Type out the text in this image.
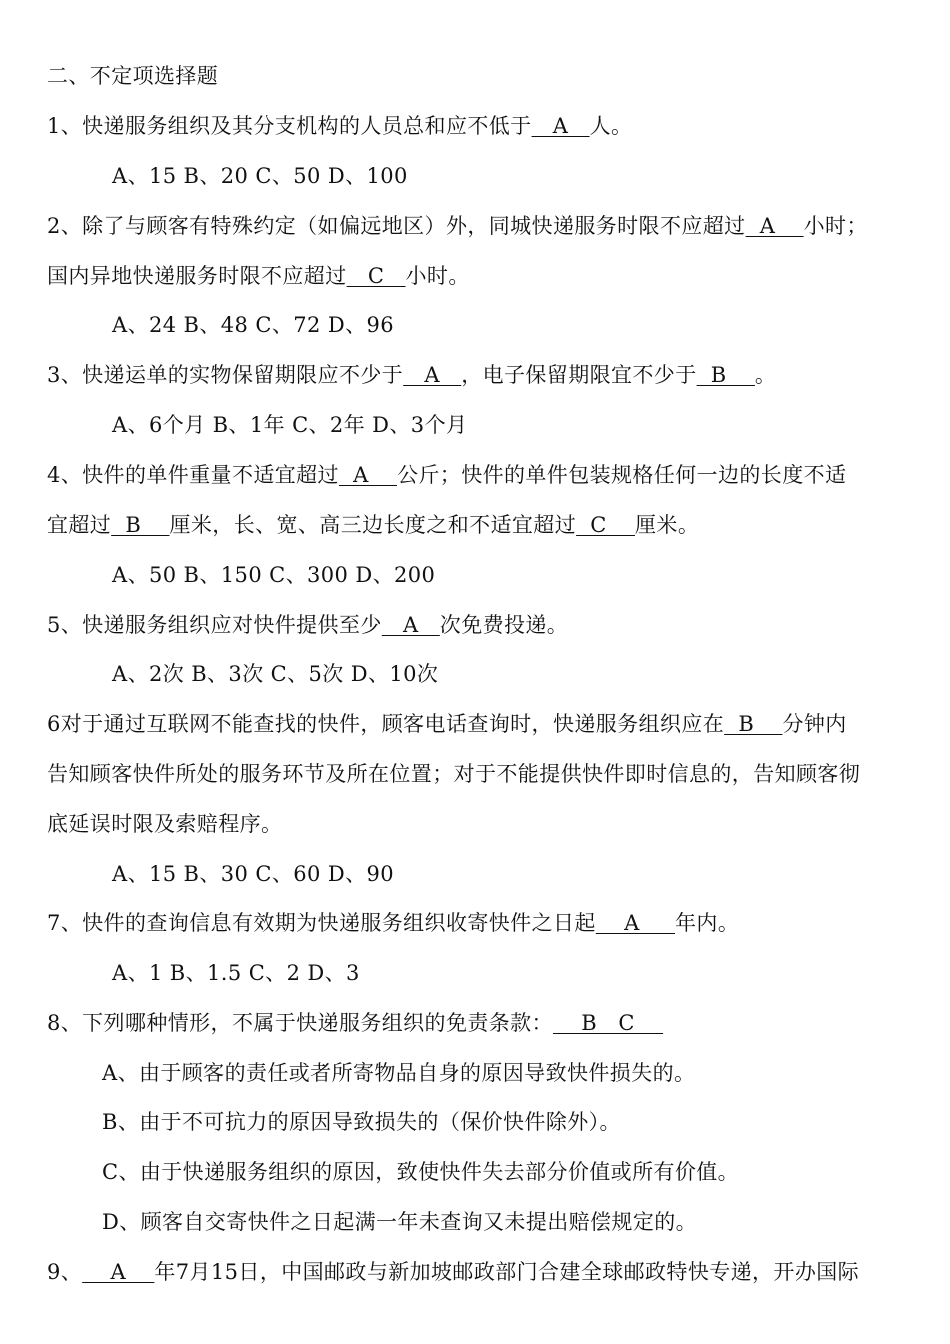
二、不定项选择题
1、快递服务组织及其分支机构的人员总和应不低于   A   人。
A、15 B、20 C、50 D、100
2、除了与顾客有特殊约定（如偏远地区）外，同城快递服务时限不应超过  A    小时；
国内异地快递服务时限不应超过   C   小时。
A、24 B、48 C、72 D、96
3、快递运单的实物保留期限应不少于   A   ，电子保留期限宜不少于  B    。
A、6个月 B、1年 C、2年 D、3个月
4、快件的单件重量不适宜超过  A    公斤；快件的单件包装规格任何一边的长度不适
宜超过  B    厘米，长、宽、高三边长度之和不适宜超过  C    厘米。
A、50 B、150 C、300 D、200
5、快递服务组织应对快件提供至少   A   次免费投递。
A、2次 B、3次 C、5次 D、10次
6对于通过互联网不能查找的快件，顾客电话查询时，快递服务组织应在  B    分钟内
告知顾客快件所处的服务环节及所在位置；对于不能提供快件即时信息的，告知顾客彻
底延误时限及索赔程序。
A、15 B、30 C、60 D、90
7、快件的查询信息有效期为快递服务组织收寄快件之日起    A     年内。
A、1 B、1.5 C、2 D、3
8、下列哪种情形，不属于快递服务组织的免责条款：    B   C
A、由于顾客的责任或者所寄物品自身的原因导致快件损失的。
B、由于不可抗力的原因导致损失的（保价快件除外）。
C、由于快递服务组织的原因，致使快件失去部分价值或所有价值。
D、顾客自交寄快件之日起满一年未查询又未提出赔偿规定的。
9、    A    年7月15日，中国邮政与新加坡邮政部门合建全球邮政特快专递，开办国际
